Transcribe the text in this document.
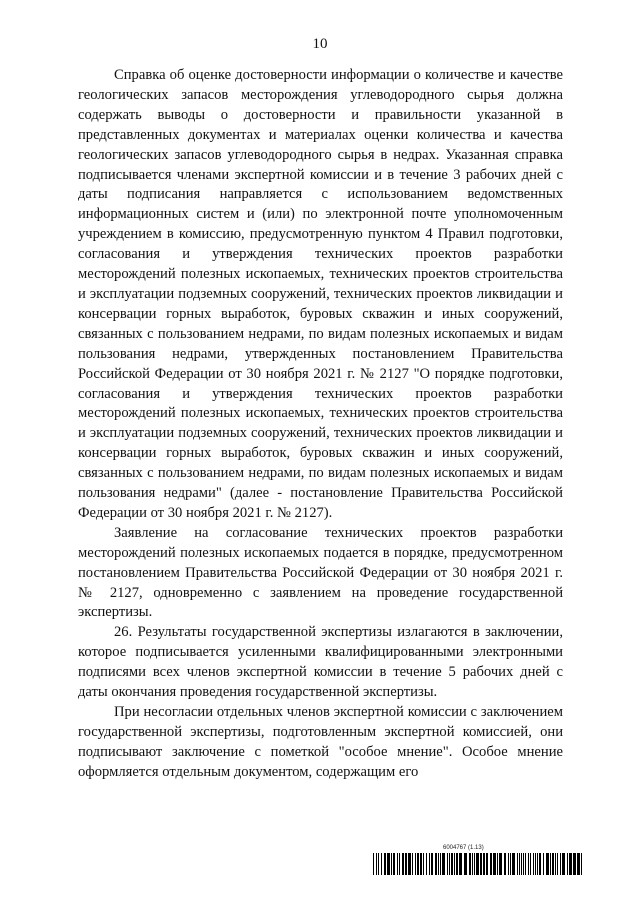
10

Справка об оценке достоверности информации о количестве и качестве геологических запасов месторождения углеводородного сырья должна содержать выводы о достоверности и правильности указанной в представленных документах и материалах оценки количества и качества геологических запасов углеводородного сырья в недрах. Указанная справка подписывается членами экспертной комиссии и в течение 3 рабочих дней с даты подписания направляется с использованием ведомственных информационных систем и (или) по электронной почте уполномоченным учреждением в комиссию, предусмотренную пунктом 4 Правил подготовки, согласования и утверждения технических проектов разработки месторождений полезных ископаемых, технических проектов строительства и эксплуатации подземных сооружений, технических проектов ликвидации и консервации горных выработок, буровых скважин и иных сооружений, связанных с пользованием недрами, по видам полезных ископаемых и видам пользования недрами, утвержденных постановлением Правительства Российской Федерации от 30 ноября 2021 г. № 2127 "О порядке подготовки, согласования и утверждения технических проектов разработки месторождений полезных ископаемых, технических проектов строительства и эксплуатации подземных сооружений, технических проектов ликвидации и консервации горных выработок, буровых скважин и иных сооружений, связанных с пользованием недрами, по видам полезных ископаемых и видам пользования недрами" (далее - постановление Правительства Российской Федерации от 30 ноября 2021 г. № 2127).

Заявление на согласование технических проектов разработки месторождений полезных ископаемых подается в порядке, предусмотренном постановлением Правительства Российской Федерации от 30 ноября 2021 г. № 2127, одновременно с заявлением на проведение государственной экспертизы.

26. Результаты государственной экспертизы излагаются в заключении, которое подписывается усиленными квалифицированными электронными подписями всех членов экспертной комиссии в течение 5 рабочих дней с даты окончания проведения государственной экспертизы.

При несогласии отдельных членов экспертной комиссии с заключением государственной экспертизы, подготовленным экспертной комиссией, они подписывают заключение с пометкой "особое мнение". Особое мнение оформляется отдельным документом, содержащим его

6004767 (1.13)
